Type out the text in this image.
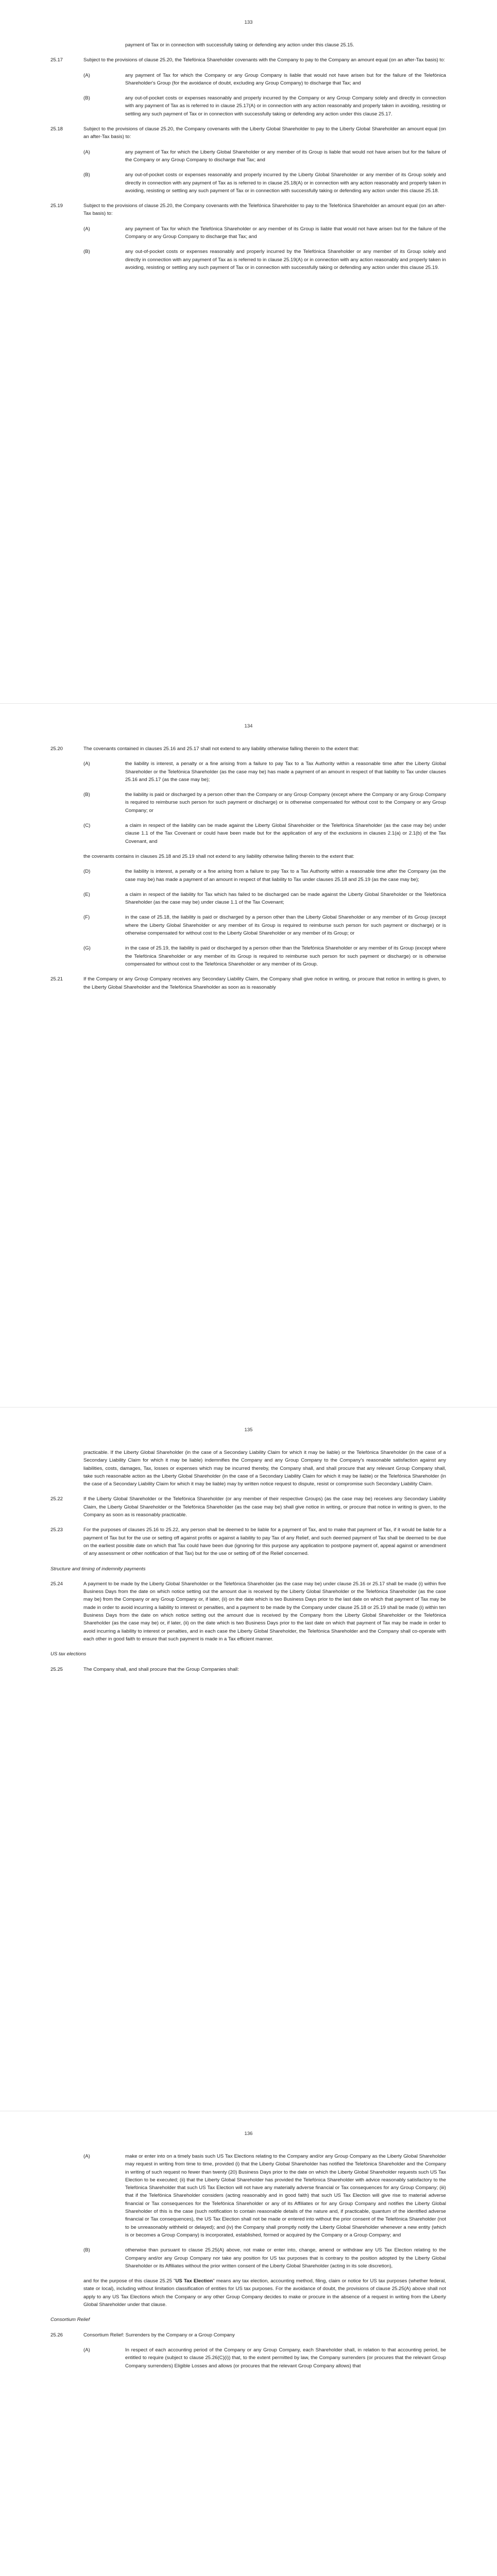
133

payment of Tax or in connection with successfully taking or defending any action under this clause 25.15.

25.17	Subject to the provisions of clause 25.20, the Telefónica Shareholder covenants with the Company to pay to the Company an amount equal (on an after-Tax basis) to:

(A)	any payment of Tax for which the Company or any Group Company is liable that would not have arisen but for the failure of the Telefónica Shareholder's Group (for the avoidance of doubt, excluding any Group Company) to discharge that Tax; and

(B)	any out-of-pocket costs or expenses reasonably and properly incurred by the Company or any Group Company solely and directly in connection with any payment of Tax as is referred to in clause 25.17(A) or in connection with any action reasonably and properly taken in avoiding, resisting or settling any such payment of Tax or in connection with successfully taking or defending any action under this clause 25.17.

25.18	Subject to the provisions of clause 25.20, the Company covenants with the Liberty Global Shareholder to pay to the Liberty Global Shareholder an amount equal (on an after-Tax basis) to:

(A)	any payment of Tax for which the Liberty Global Shareholder or any member of its Group is liable that would not have arisen but for the failure of the Company or any Group Company to discharge that Tax; and

(B)	any out-of-pocket costs or expenses reasonably and properly incurred by the Liberty Global Shareholder or any member of its Group solely and directly in connection with any payment of Tax as is referred to in clause 25.18(A) or in connection with any action reasonably and properly taken in avoiding, resisting or settling any such payment of Tax or in connection with successfully taking or defending any action under this clause 25.18.

25.19	Subject to the provisions of clause 25.20, the Company covenants with the Telefónica Shareholder to pay to the Telefónica Shareholder an amount equal (on an after-Tax basis) to:

(A)	any payment of Tax for which the Telefónica Shareholder or any member of its Group is liable that would not have arisen but for the failure of the Company or any Group Company to discharge that Tax; and

(B)	any out-of-pocket costs or expenses reasonably and properly incurred by the Telefónica Shareholder or any member of its Group solely and directly in connection with any payment of Tax as is referred to in clause 25.19(A) or in connection with any action reasonably and properly taken in avoiding, resisting or settling any such payment of Tax or in connection with successfully taking or defending any action under this clause 25.19.

134
25.20	The covenants contained in clauses 25.16 and 25.17 shall not extend to any liability otherwise falling therein to the extent that:

(A)	the liability is interest, a penalty or a fine arising from a failure to pay Tax to a Tax Authority within a reasonable time after the Liberty Global Shareholder or the Telefónica Shareholder (as the case may be) has made a payment of an amount in respect of that liability to Tax under clauses 25.16 and 25.17 (as the case may be);

(B)	the liability is paid or discharged by a person other than the Company or any Group Company (except where the Company or any Group Company is required to reimburse such person for such payment or discharge) or is otherwise compensated for without cost to the Company or any Group Company; or

(C)	a claim in respect of the liability can be made against the Liberty Global Shareholder or the Telefónica Shareholder (as the case may be) under clause 1.1 of the Tax Covenant or could have been made but for the application of any of the exclusions in clauses 2.1(a) or 2.1(b) of the Tax Covenant, and

the covenants contains in clauses 25.18 and 25.19 shall not extend to any liability otherwise falling therein to the extent that:

(D)	the liability is interest, a penalty or a fine arising from a failure to pay Tax to a Tax Authority within a reasonable time after the Company (as the case may be) has made a payment of an amount in respect of that liability to Tax under clauses 25.18 and 25.19 (as the case may be);

(E)	a claim in respect of the liability for Tax which has failed to be discharged can be made against the Liberty Global Shareholder or the Telefónica Shareholder (as the case may be) under clause 1.1 of the Tax Covenant;

(F)	in the case of 25.18, the liability is paid or discharged by a person other than the Liberty Global Shareholder or any member of its Group (except where the Liberty Global Shareholder or any member of its Group is required to reimburse such person for such payment or discharge) or is otherwise compensated for without cost to the Liberty Global Shareholder or any member of its Group; or

(G)	in the case of 25.19, the liability is paid or discharged by a person other than the Telefónica Shareholder or any member of its Group (except where the Telefónica Shareholder or any member of its Group is required to reimburse such person for such payment or discharge) or is otherwise compensated for without cost to the Telefónica Shareholder or any member of its Group.

25.21	If the Company or any Group Company receives any Secondary Liability Claim, the Company shall give notice in writing, or procure that notice in writing is given, to the Liberty Global Shareholder and the Telefónica Shareholder as soon as is reasonably

135

practicable. If the Liberty Global Shareholder (in the case of a Secondary Liability Claim for which it may be liable) or the Telefónica Shareholder (in the case of a Secondary Liability Claim for which it may be liable) indemnifies the Company and any Group Company to the Company's reasonable satisfaction against any liabilities, costs, damages, Tax, losses or expenses which may be incurred thereby, the Company shall, and shall procure that any relevant Group Company shall, take such reasonable action as the Liberty Global Shareholder (in the case of a Secondary Liability Claim for which it may be liable) or the Telefónica Shareholder (in the case of a Secondary Liability Claim for which it may be liable) may by written notice request to dispute, resist or compromise such Secondary Liability Claim.

25.22	If the Liberty Global Shareholder or the Telefónica Shareholder (or any member of their respective Groups) (as the case may be) receives any Secondary Liability Claim, the Liberty Global Shareholder or the Telefónica Shareholder (as the case may be) shall give notice in writing, or procure that notice in writing is given, to the Company as soon as is reasonably practicable.

25.23	For the purposes of clauses 25.16 to 25.22, any person shall be deemed to be liable for a payment of Tax, and to make that payment of Tax, if it would be liable for a payment of Tax but for the use or setting off against profits or against a liability to pay Tax of any Relief, and such deemed payment of Tax shall be deemed to be due on the earliest possible date on which that Tax could have been due (ignoring for this purpose any application to postpone payment of, appeal against or amendment of any assessment or other notification of that Tax) but for the use or setting off of the Relief concerned.

Structure and timing of indemnity payments

25.24	A payment to be made by the Liberty Global Shareholder or the Telefónica Shareholder (as the case may be) under clause 25.16 or 25.17 shall be made (i) within five Business Days from the date on which notice setting out the amount due is received by the Liberty Global Shareholder or the Telefónica Shareholder (as the case may be) from the Company or any Group Company or, if later, (ii) on the date which is two Business Days prior to the last date on which that payment of Tax may be made in order to avoid incurring a liability to interest or penalties, and a payment to be made by the Company under clause 25.18 or 25.19 shall be made (i) within ten Business Days from the date on which notice setting out the amount due is received by the Company from the Liberty Global Shareholder or the Telefónica Shareholder (as the case may be) or, if later, (ii) on the date which is two Business Days prior to the last date on which that payment of Tax may be made in order to avoid incurring a liability to interest or penalties, and in each case the Liberty Global Shareholder, the Telefónica Shareholder and the Company shall co-operate with each other in good faith to ensure that such payment is made in a Tax efficient manner.

US tax elections

25.25	The Company shall, and shall procure that the Group Companies shall:

136
(A)	make or enter into on a timely basis such US Tax Elections relating to the Company and/or any Group Company as the Liberty Global Shareholder may request in writing from time to time, provided (i) that the Liberty Global Shareholder has notified the Telefónica Shareholder and the Company in writing of such request no fewer than twenty (20) Business Days prior to the date on which the Liberty Global Shareholder requests such US Tax Election to be executed; (ii) that the Liberty Global Shareholder has provided the Telefónica Shareholder with advice reasonably satisfactory to the Telefónica Shareholder that such US Tax Election will not have any materially adverse financial or Tax consequences for any Group Company; (iii) that if the Telefónica Shareholder considers (acting reasonably and in good faith) that such US Tax Election will give rise to material adverse financial or Tax consequences for the Telefónica Shareholder or any of its Affiliates or for any Group Company and notifies the Liberty Global Shareholder of this is the case (such notification to contain reasonable details of the nature and, if practicable, quantum of the identified adverse financial or Tax consequences), the US Tax Election shall not be made or entered into without the prior consent of the Telefónica Shareholder (not to be unreasonably withheld or delayed); and (iv) the Company shall promptly notify the Liberty Global Shareholder whenever a new entity (which is or becomes a Group Company) is incorporated, established, formed or acquired by the Company or a Group Company; and

(B)	otherwise than pursuant to clause 25.25(A) above, not make or enter into, change, amend or withdraw any US Tax Election relating to the Company and/or any Group Company nor take any position for US tax purposes that is contrary to the position adopted by the Liberty Global Shareholder or its Affiliates without the prior written consent of the Liberty Global Shareholder (acting in its sole discretion),

and for the purpose of this clause 25.25 "US Tax Election" means any tax election, accounting method, filing, claim or notice for US tax purposes (whether federal, state or local), including without limitation classification of entities for US tax purposes. For the avoidance of doubt, the provisions of clause 25.25(A) above shall not apply to any US Tax Elections which the Company or any other Group Company decides to make or procure in the absence of a request in writing from the Liberty Global Shareholder under that clause.

Consortium Relief

25.26	Consortium Relief: Surrenders by the Company or a Group Company

(A)	In respect of each accounting period of the Company or any Group Company, each Shareholder shall, in relation to that accounting period, be entitled to require (subject to clause 25.26(C)(i)) that, to the extent permitted by law, the Company surrenders (or procures that the relevant Group Company surrenders) Eligible Losses and allows (or procures that the relevant Group Company allows) that
